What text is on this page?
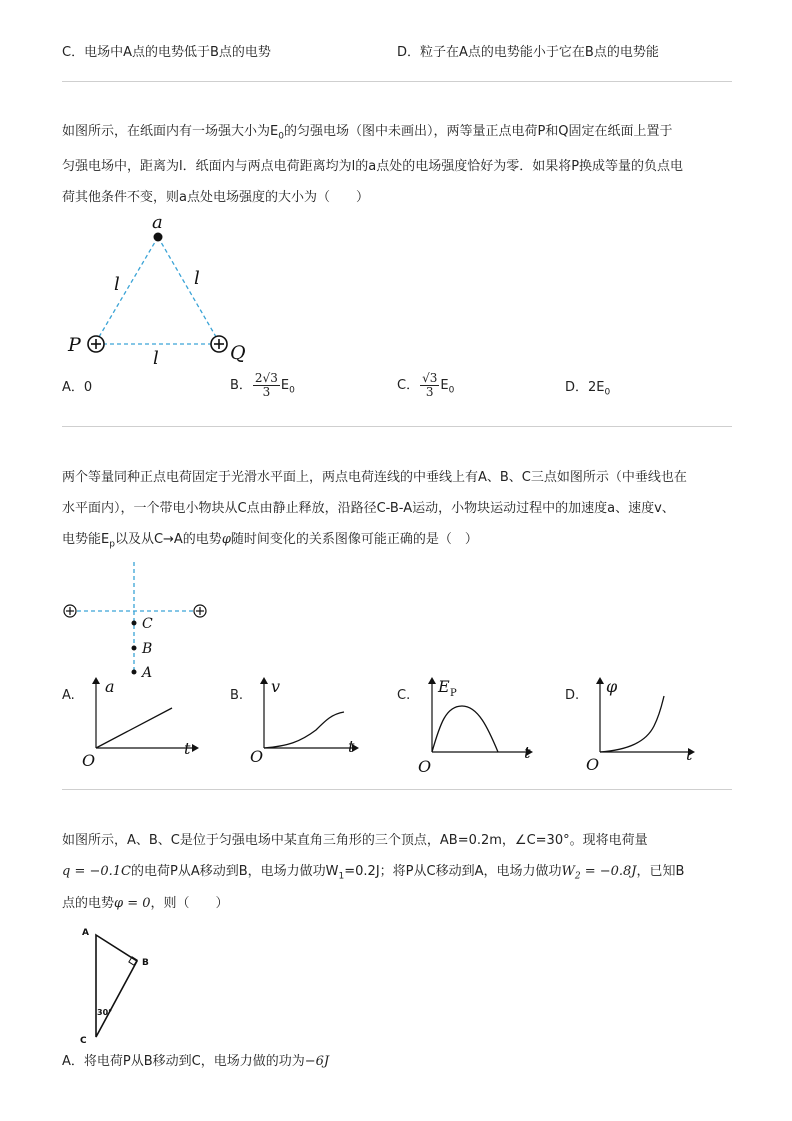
C．电场中A点的电势低于B点的电势	D．粒子在A点的电势能小于它在B点的电势能
如图所示，在纸面内有一场强大小为$E_0$的匀强电场（图中未画出），两等量正点电荷P和Q固定在纸面上置于
匀强电场中，距离为l．纸面内与两点电荷距离均为l的a点处的电场强度恰好为零．如果将P换成等量的负点电
荷其他条件不变，则a点处电场强度的大小为（　　）
a
l	l
l
P	Q
A．0	B． $\frac{2√3}{3} E_0$	C． $\frac{√3}{3} E_0$	D．$2E_0$
两个等量同种正点电荷固定于光滑水平面上，两点电荷连线的中垂线上有A、B、C三点如图所示（中垂线也在
水平面内），一个带电小物块从C点由静止释放，沿路径C-B-A运动，小物块运动过程中的加速度a、速度v、
电势能$E_p$以及从C→A的电势φ随时间变化的关系图像可能正确的是（　）
C
B
A
A. a
t
O
B. v
t
O
C. E P
t
O
D. φ
t
O
如图所示，A、B、C是位于匀强电场中某直角三角形的三个顶点，AB=0.2m，∠C=30°。现将电荷量
q = −0.1C的电荷P从A移动到B，电场力做功$W_1=0.2J$；将P从C移动到A，电场力做功$W_2 = -0.8J$，已知B
点的电势φ = 0，则（　　）
A
B
C
30°
A．将电荷P从B移动到C，电场力做的功为−6J
